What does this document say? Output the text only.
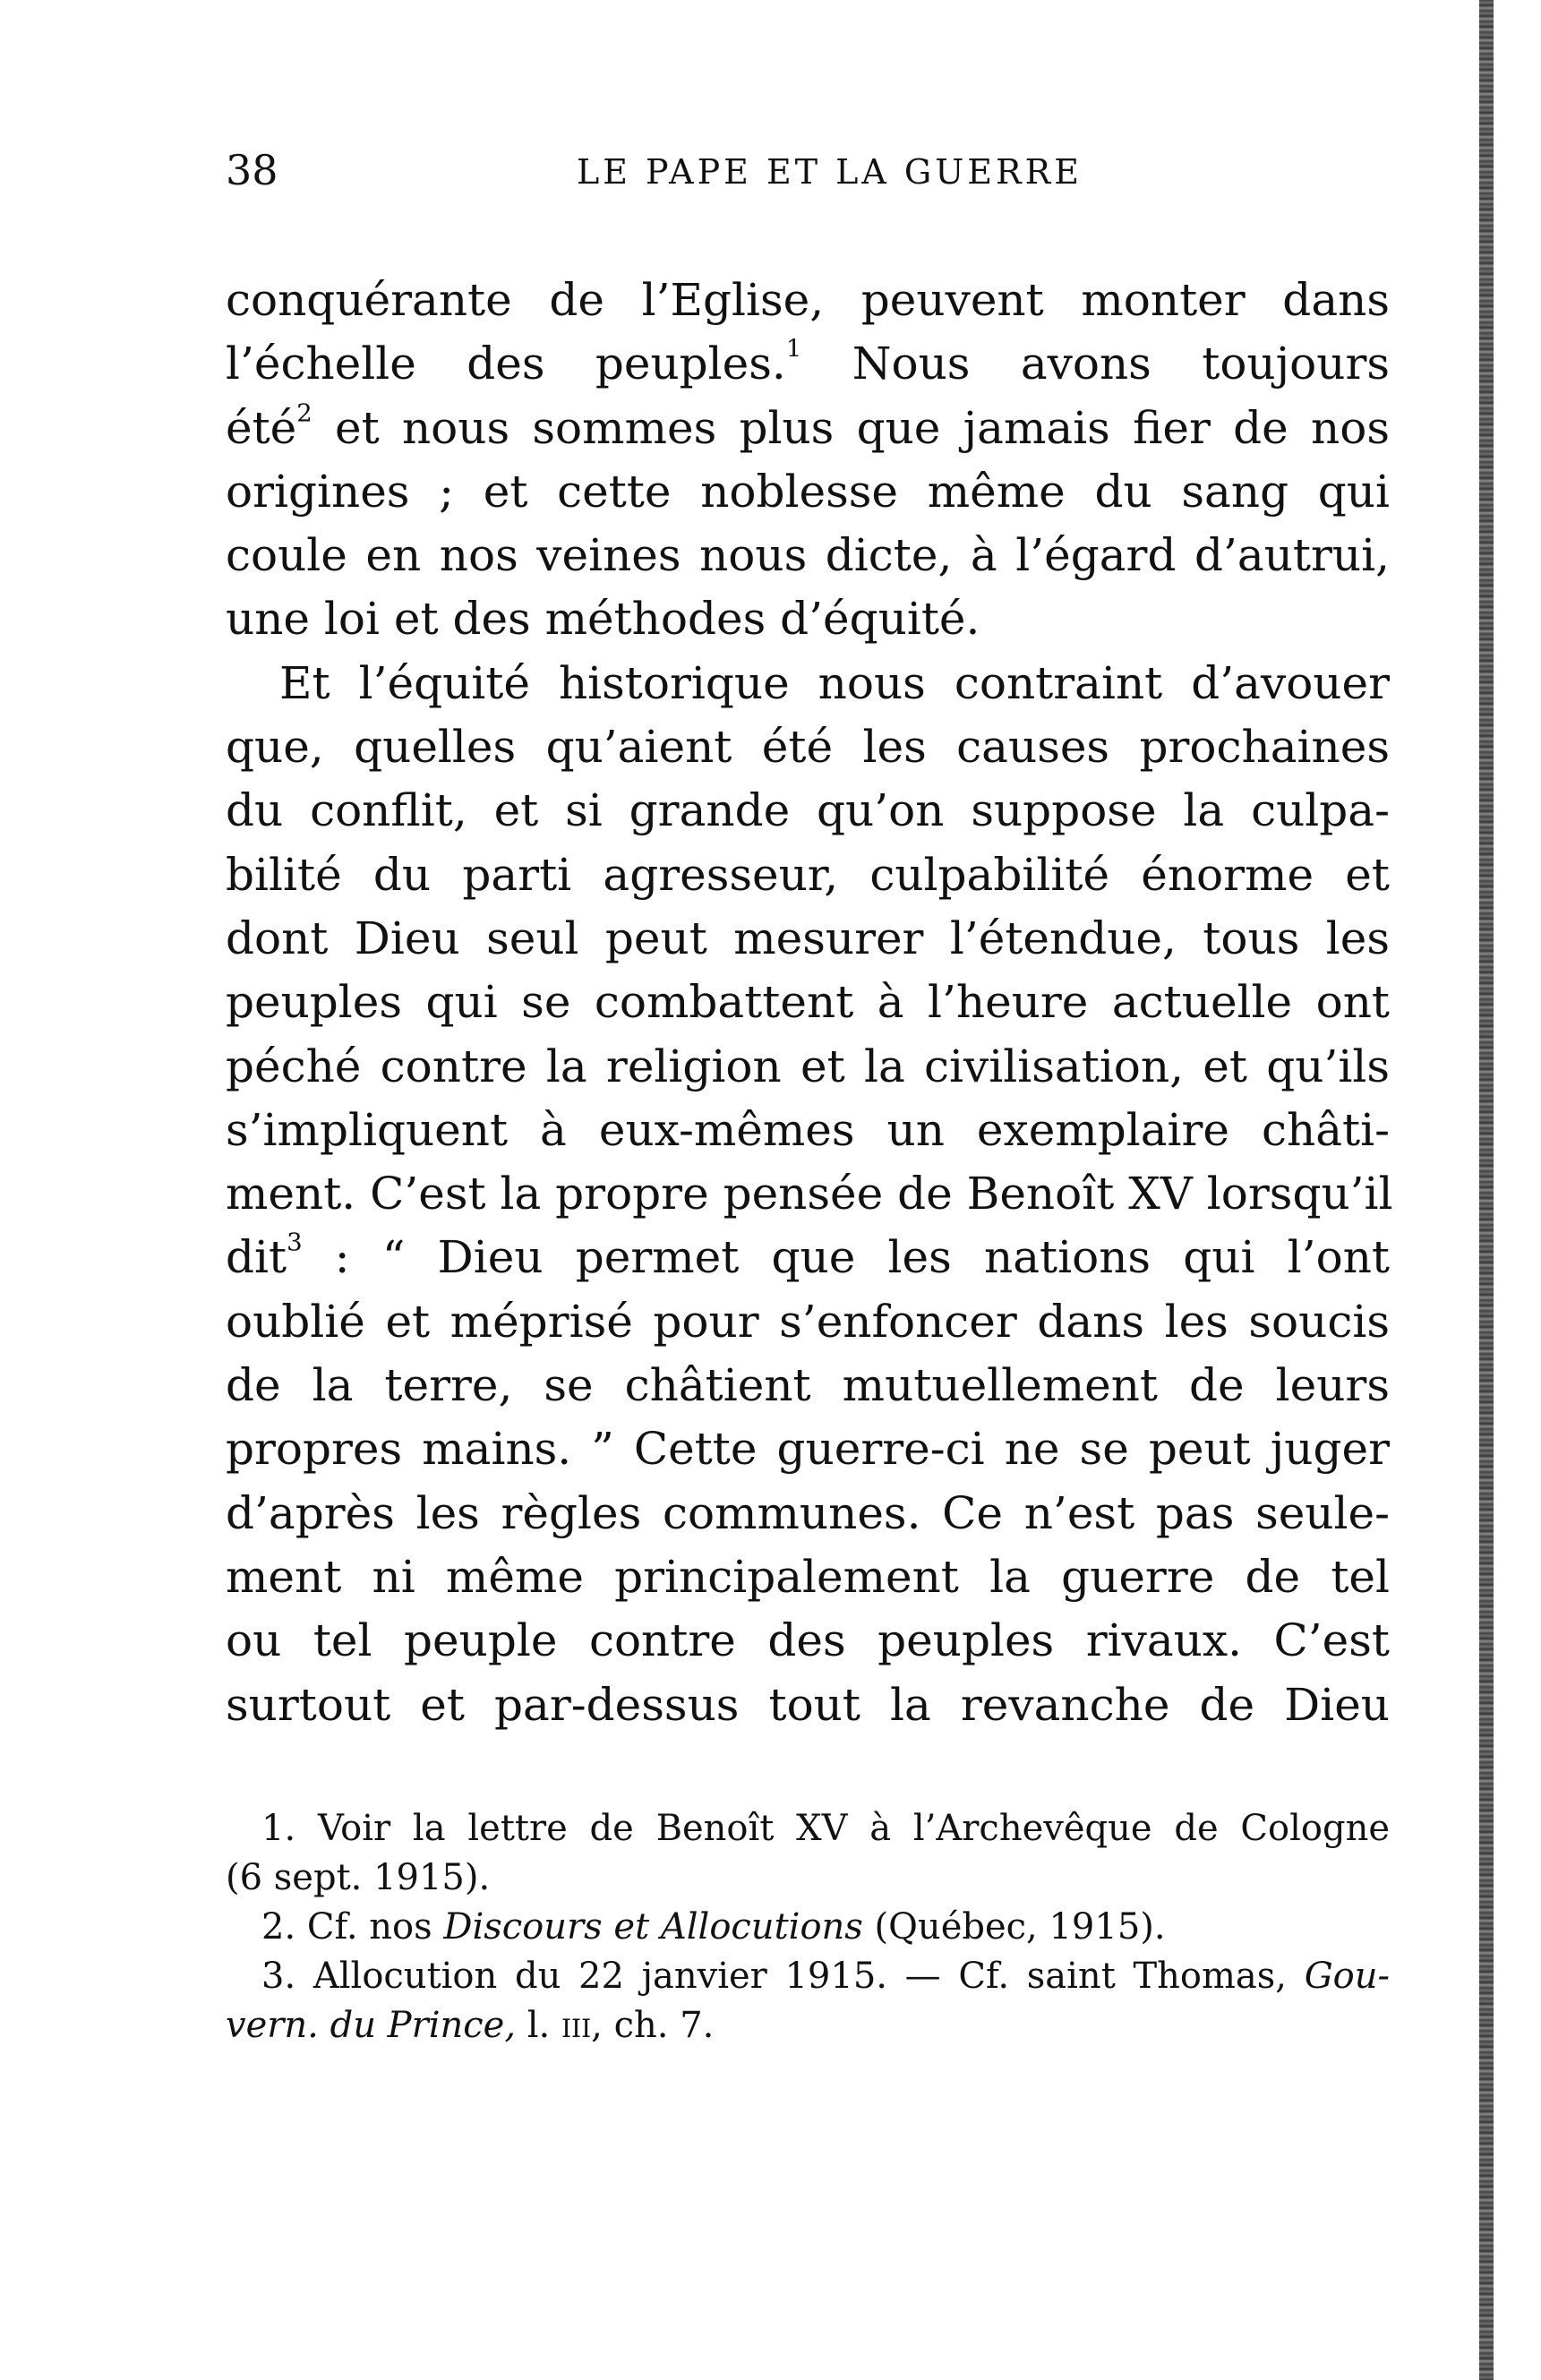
38	LE PAPE ET LA GUERRE
conquérante de l’Eglise, peuvent monter dans
l’échelle des peuples.$^1$ Nous avons toujours
été$^2$ et nous sommes plus que jamais fier de nos
origines ; et cette noblesse même du sang qui
coule en nos veines nous dicte, à l’égard d’autrui,
une loi et des méthodes d’équité.
Et l’équité historique nous contraint d’avouer
que, quelles qu’aient été les causes prochaines
du conflit, et si grande qu’on suppose la culpa-
bilité du parti agresseur, culpabilité énorme et
dont Dieu seul peut mesurer l’étendue, tous les
peuples qui se combattent à l’heure actuelle ont
péché contre la religion et la civilisation, et qu’ils
s’impliquent à eux-mêmes un exemplaire châti-
ment. C’est la propre pensée de Benoît XV lorsqu’il
dit$^3$ : “ Dieu permet que les nations qui l’ont
oublié et méprisé pour s’enfoncer dans les soucis
de la terre, se châtient mutuellement de leurs
propres mains. ” Cette guerre-ci ne se peut juger
d’après les règles communes. Ce n’est pas seule-
ment ni même principalement la guerre de tel
ou tel peuple contre des peuples rivaux. C’est
surtout et par-dessus tout la revanche de Dieu
1. Voir la lettre de Benoît XV à l’Archevêque de Cologne
(6 sept. 1915).
2. Cf. nos Discours et Allocutions (Québec, 1915).
3. Allocution du 22 janvier 1915. — Cf. saint Thomas, Gou-
vern. du Prince, l. iii, ch. 7.
